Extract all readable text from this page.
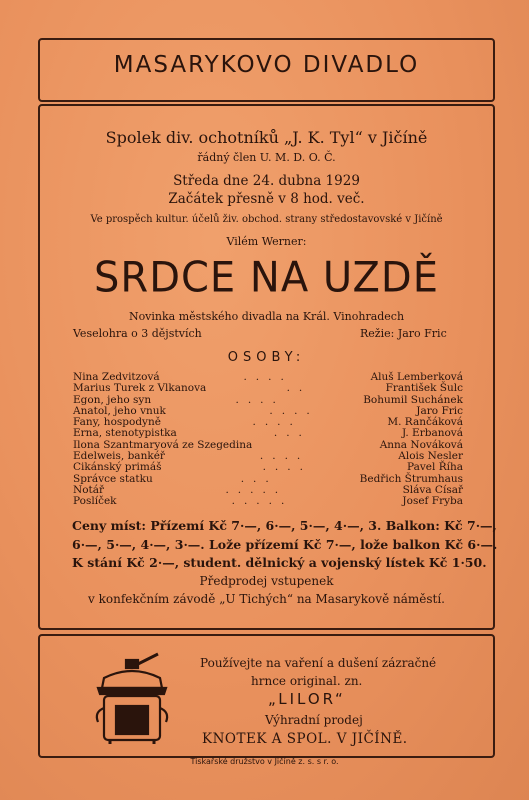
MASARYKOVO DIVADLO
Spolek div. ochotníků „J. K. Tyl“ v Jičíně
řádný člen U. M. D. O. Č.
Středa dne 24. dubna 1929
Začátek přesně v 8 hod. več.
Ve prospěch kultur. účelů živ. obchod. strany středostavovské v Jičíně
Vilém Werner:
SRDCE NA UZDĚ
Novinka městského divadla na Král. Vinohradech
Veselohra o 3 dějstvích	Režie: Jaro Fric
OSOBY:
Nina Zedvitzová	....	Aluš Lemberková
Marius Turek z Vlkanova	..	František Šulc
Egon, jeho syn	....	Bohumil Suchánek
Anatol, jeho vnuk	....	Jaro Fric
Fany, hospodyně	....	M. Rančáková
Erna, stenotypistka	...	J. Erbanová
Ilona Szantmaryová ze Szegedina	Anna Nováková
Edelweis, bankéř	....	Alois Nesler
Cikánský primáš	....	Pavel Říha
Správce statku	...	Bedřich Štrumhaus
Notář	.....	Sláva Císař
Poslíček	.....	Josef Fryba
Ceny míst: Přízemí Kč 7·—, 6·—, 5·—, 4·—, 3. Balkon: Kč 7·—,
6·—, 5·—, 4·—, 3·—. Lože přízemí Kč 7·—, lože balkon Kč 6·—.
K stání Kč 2·—, student. dělnický a vojenský lístek Kč 1·50.
Předprodej vstupenek
v konfekčním závodě „U Tichých“ na Masarykově náměstí.
Používejte na vaření a dušení zázračné
hrnce original. zn.
„LILOR“
Výhradní prodej
KNOTEK A SPOL. V JIČÍNĚ.
Tiskařské družstvo v Jičíně z. s. s r. o.
